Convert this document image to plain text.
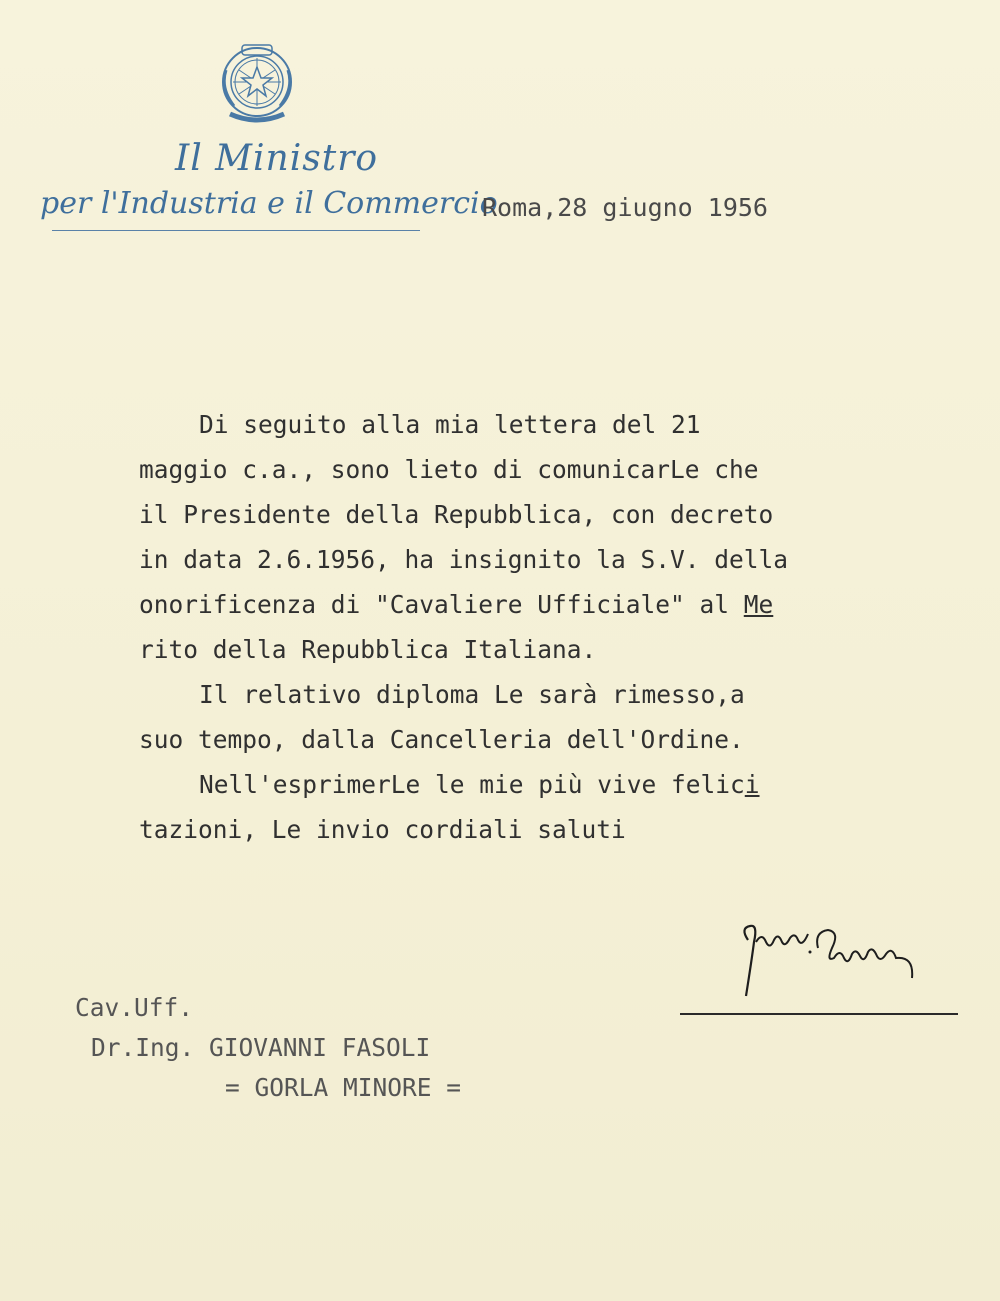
Il Ministro
per l'Industria e il Commercio
Roma,28 giugno 1956
Di seguito alla mia lettera del 21
maggio c.a., sono lieto di comunicarLe che
il Presidente della Repubblica, con decreto
in data 2.6.1956, ha insignito la S.V. della
onorificenza di "Cavaliere Ufficiale" al Me
rito della Repubblica Italiana.
Il relativo diploma Le sarà rimesso,a
suo tempo, dalla Cancelleria dell'Ordine.
Nell'esprimerLe le mie più vive felici
tazioni, Le invio cordiali saluti
Cav.Uff.
Dr.Ing. GIOVANNI FASOLI
= GORLA MINORE =
